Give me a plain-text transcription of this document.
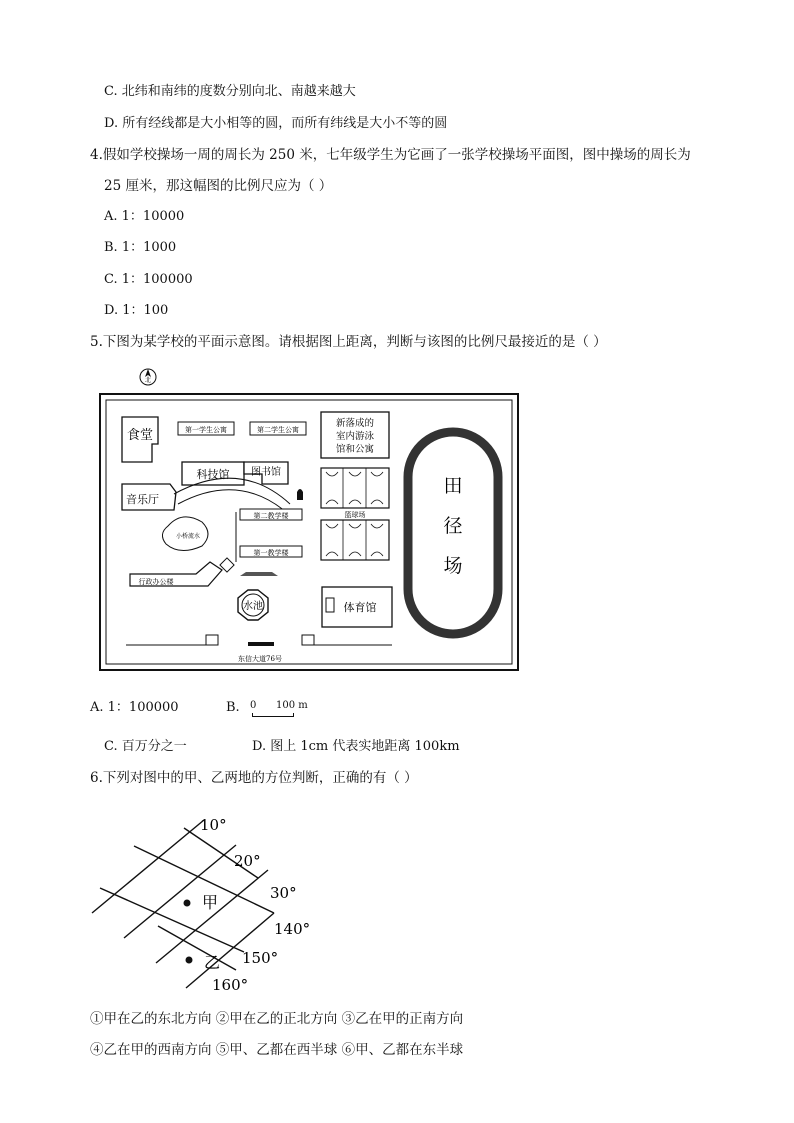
C. 北纬和南纬的度数分别向北、南越来越大
D. 所有经线都是大小相等的圆，而所有纬线是大小不等的圆
4.假如学校操场一周的周长为 250 米，七年级学生为它画了一张学校操场平面图，图中操场的周长为
25 厘米，那这幅图的比例尺应为（ ）
A. 1：10000
B. 1：1000
C. 1：100000
D. 1：100
5.下图为某学校的平面示意图。请根据图上距离，判断与该图的比例尺最接近的是（ ）
北
食堂	第一学生公寓	第二学生公寓
新落成的
室内游泳
馆和公寓
科技馆 图书馆
音乐厅
第二教学楼
第一教学楼
小桥流水
行政办公楼
篮球场
水池	体育馆
田
径
场
东信大道76号
A. 1：100000	B. 0 100 m
C. 百万分之一	D. 图上 1cm 代表实地距离 100km
6.下列对图中的甲、乙两地的方位判断，正确的有（ ）
甲
乙
10°
20°
30°
140°
150°
160°
①甲在乙的东北方向 ②甲在乙的正北方向 ③乙在甲的正南方向
④乙在甲的西南方向 ⑤甲、乙都在西半球 ⑥甲、乙都在东半球
